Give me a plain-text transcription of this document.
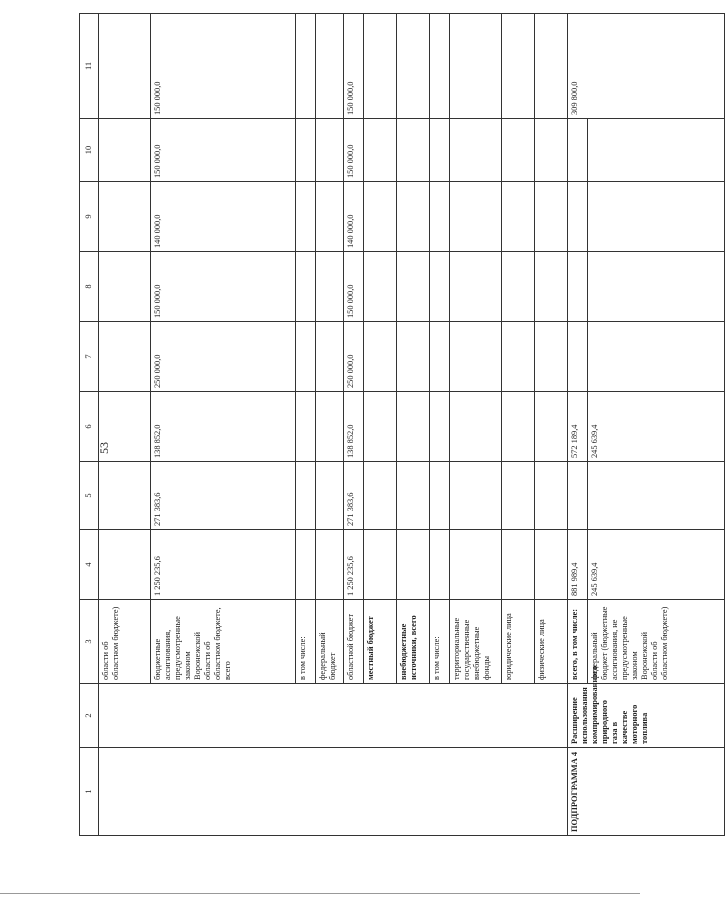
53
1	2	3	4	5	6	7	8	9	10	11
		области об областном бюджете)								
		бюджетные ассигнования, предусмотренные законом Воронежской области об областном бюджете, всего	1 250 235,6	271 383,6	138 852,0	250 000,0	150 000,0	140 000,0	150 000,0	150 000,0
		в том числе:								
		федеральный бюджет								
		областной бюджет	1 250 235,6	271 383,6	138 852,0	250 000,0	150 000,0	140 000,0	150 000,0	150 000,0
		местный бюджет								
		внебюджетные источники, всего								
		в том числе:								
		территориальные государственные внебюджетные фонды								
		юридические лица								
		физические лица								
ПОДПРОГРАММА 4	Расширение использования компримированного природного газа в качестве моторного топлива	всего, в том числе:	881 989,4		572 189,4					309 800,0
		федеральный бюджет (бюджетные ассигнования, не предусмотренные законом Воронежской области об областном бюджете)	245 639,4		245 639,4					
